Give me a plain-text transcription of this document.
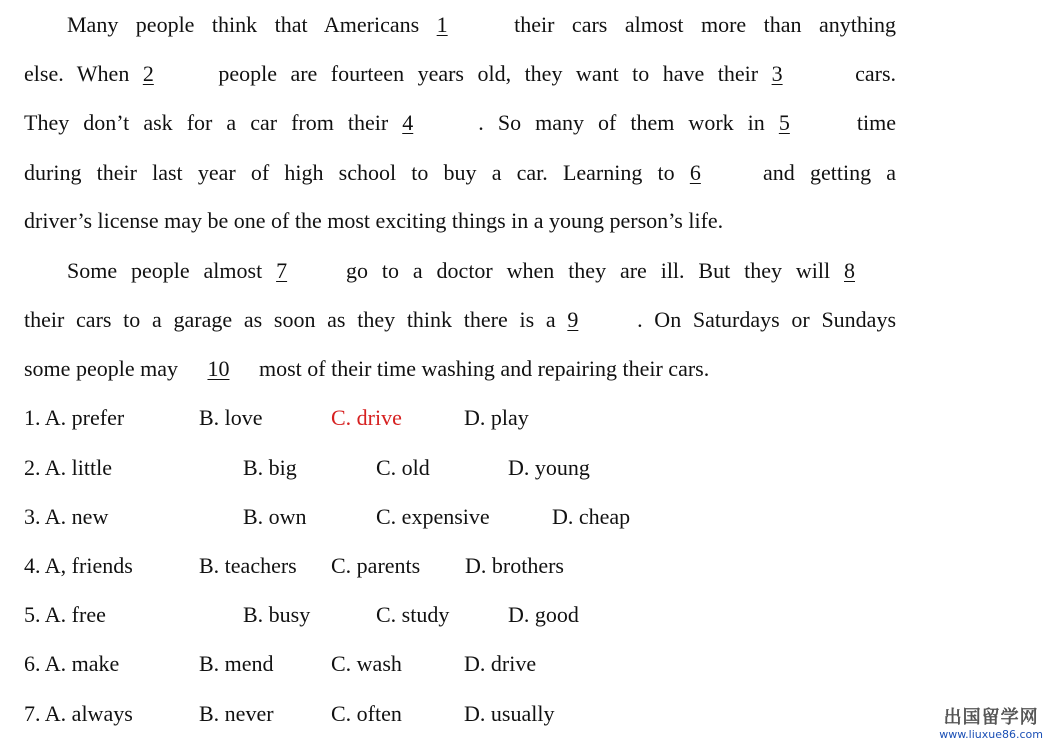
Many people think that Americans 1	their cars almost more than anything
else. When 2	people are fourteen years old, they want to have their 3	cars.
They don’t ask for a car from their 4	. So many of them work in 5	time
during their last year of high school to buy a car. Learning to 6	and getting a
driver’s license may be one of the most exciting things in a young person’s life.
Some people almost 7	go to a doctor when they are ill. But they will 8
their cars to a garage as soon as they think there is a 9	. On Saturdays or Sundays
some people may 10 most of their time washing and repairing their cars.
1. A. prefer	B. love	C. drive	D. play
2. A. little	B. big	C. old	D. young
3. A. new	B. own	C. expensive	D. cheap
4. A, friends	B. teachers C. parents D. brothers
5. A. free	B. busy	C. study	D. good
6. A. make	B. mend	C. wash	D. drive
7. A. always	B. never	C. often	D. usually	出国留学网
www.liuxue86.com
